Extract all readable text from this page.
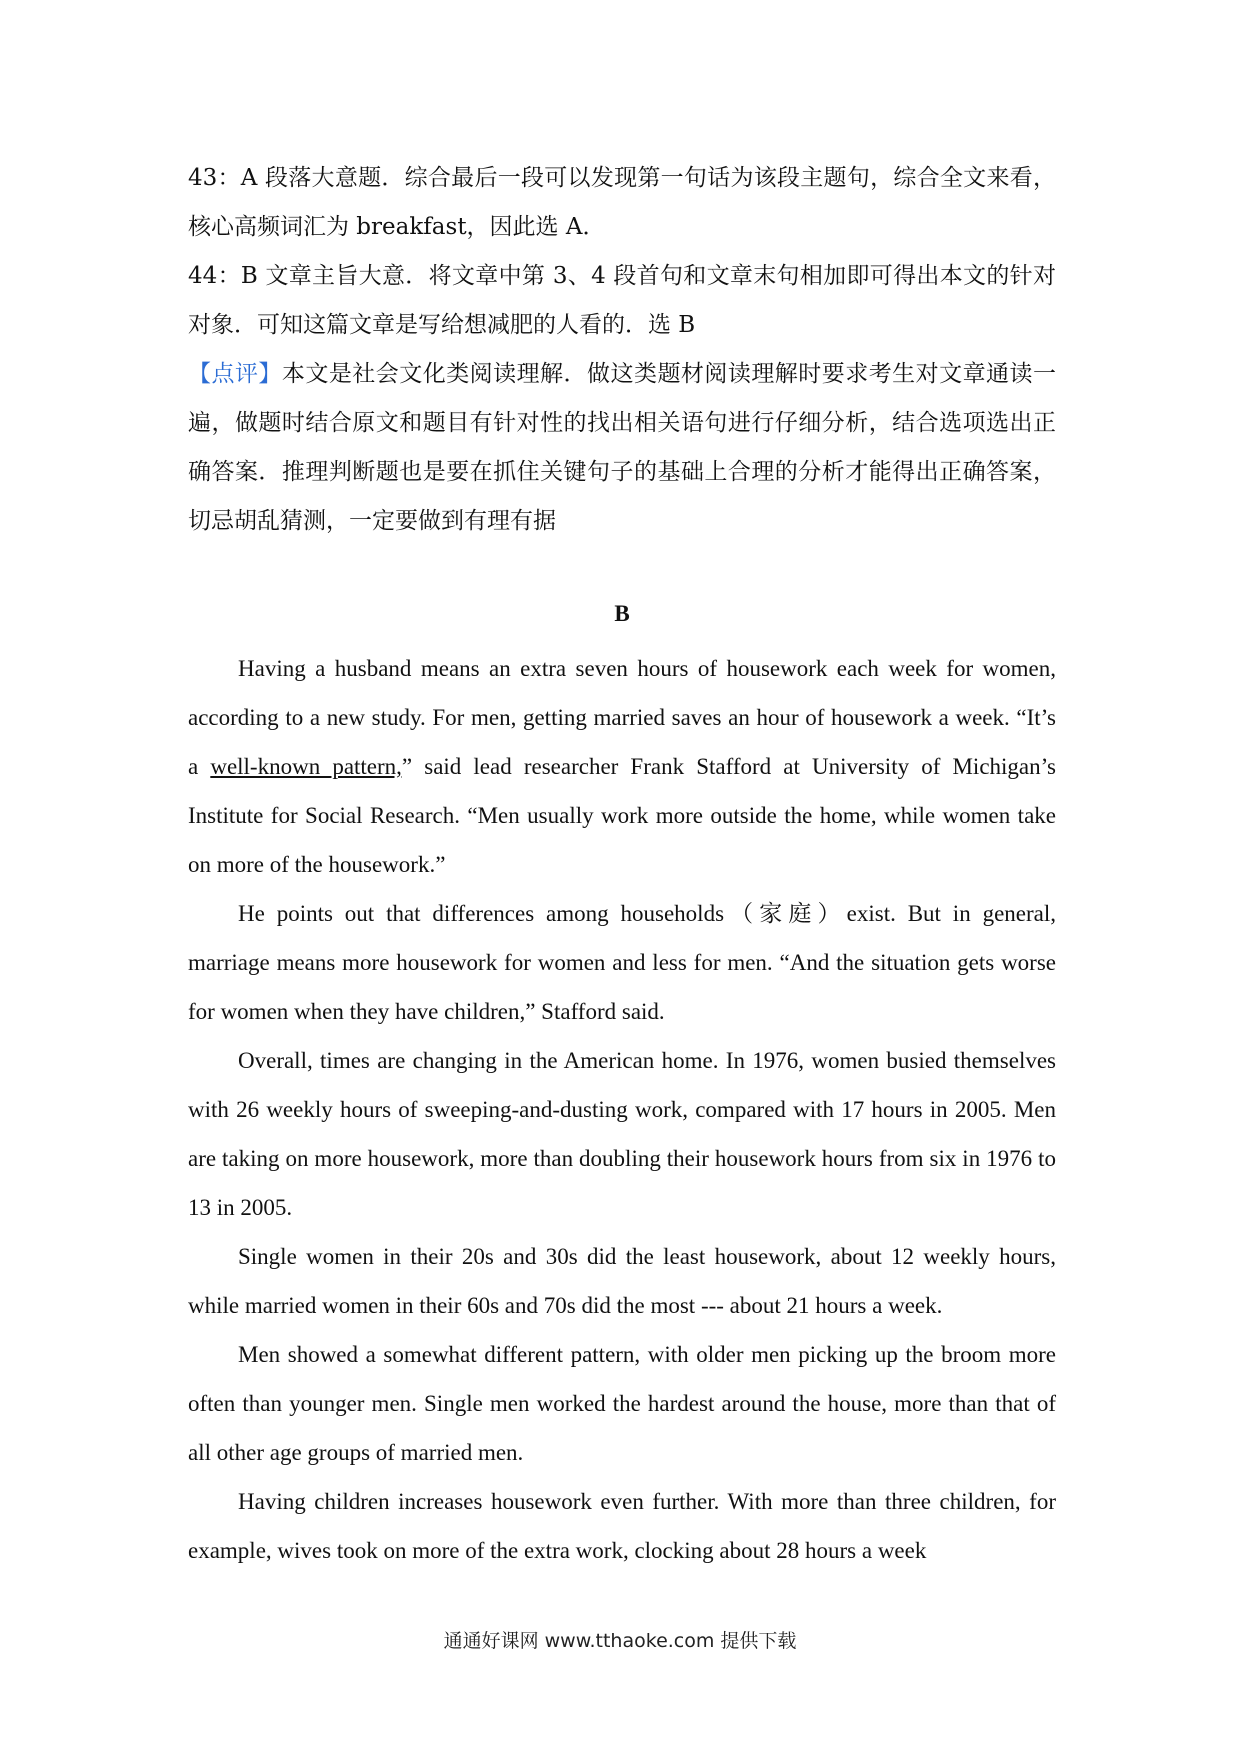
43：A 段落大意题．综合最后一段可以发现第一句话为该段主题句，综合全文来看，核心高频词汇为 breakfast，因此选 A．

44：B 文章主旨大意．将文章中第 3、4 段首句和文章末句相加即可得出本文的针对对象．可知这篇文章是写给想减肥的人看的．选 B

【点评】本文是社会文化类阅读理解．做这类题材阅读理解时要求考生对文章通读一遍，做题时结合原文和题目有针对性的找出相关语句进行仔细分析，结合选项选出正确答案．推理判断题也是要在抓住关键句子的基础上合理的分析才能得出正确答案，切忌胡乱猜测，一定要做到有理有据

B

Having a husband means an extra seven hours of housework each week for women, according to a new study. For men, getting married saves an hour of housework a week. “It’s a well-known pattern,” said lead researcher Frank Stafford at University of Michigan’s Institute for Social Research. “Men usually work more outside the home, while women take on more of the housework.”

He points out that differences among households（家庭）exist. But in general, marriage means more housework for women and less for men. “And the situation gets worse for women when they have children,” Stafford said.

Overall, times are changing in the American home. In 1976, women busied themselves with 26 weekly hours of sweeping-and-dusting work, compared with 17 hours in 2005. Men are taking on more housework, more than doubling their housework hours from six in 1976 to 13 in 2005.

Single women in their 20s and 30s did the least housework, about 12 weekly hours, while married women in their 60s and 70s did the most --- about 21 hours a week.

Men showed a somewhat different pattern, with older men picking up the broom more often than younger men. Single men worked the hardest around the house, more than that of all other age groups of married men.

Having children increases housework even further. With more than three children, for example, wives took on more of the extra work, clocking about 28 hours a week

通通好课网 www.tthaoke.com 提供下载
